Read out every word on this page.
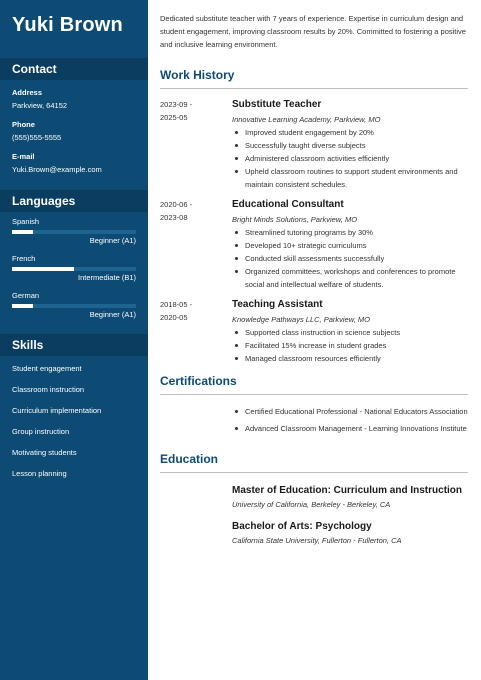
Yuki Brown
Contact
Address
Parkview, 64152
Phone
(555)555-5555
E-mail
Yuki.Brown@example.com
Languages
Spanish
Beginner (A1)
French
Intermediate (B1)
German
Beginner (A1)
Skills
Student engagement
Classroom instruction
Curriculum implementation
Group instruction
Motivating students
Lesson planning
Dedicated substitute teacher with 7 years of experience. Expertise in curriculum design and student engagement, improving classroom results by 20%. Committed to fostering a positive and inclusive learning environment.
Work History
2023-09 -
2025-05
Substitute Teacher
Innovative Learning Academy, Parkview, MO
Improved student engagement by 20%
Successfully taught diverse subjects
Administered classroom activities efficiently
Upheld classroom routines to support student environments and maintain consistent schedules.
2020-06 -
2023-08
Educational Consultant
Bright Minds Solutions, Parkview, MO
Streamlined tutoring programs by 30%
Developed 10+ strategic curriculums
Conducted skill assessments successfully
Organized committees, workshops and conferences to promote social and intellectual welfare of students.
2018-05 -
2020-05
Teaching Assistant
Knowledge Pathways LLC, Parkview, MO
Supported class instruction in science subjects
Facilitated 15% increase in student grades
Managed classroom resources efficiently
Certifications
Certified Educational Professional - National Educators Association
Advanced Classroom Management - Learning Innovations Institute
Education
Master of Education: Curriculum and Instruction
University of California, Berkeley - Berkeley, CA
Bachelor of Arts: Psychology
California State University, Fullerton - Fullerton, CA
